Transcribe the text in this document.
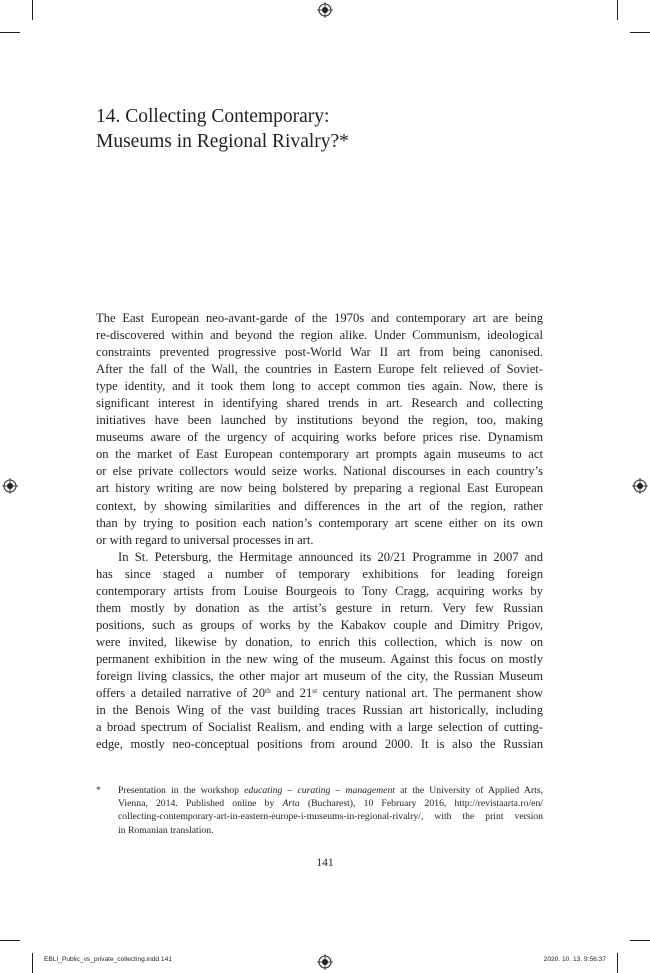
14. Collecting Contemporary:
Museums in Regional Rivalry?*
The East European neo-avant-garde of the 1970s and contemporary art are being
re-discovered within and beyond the region alike. Under Communism, ideological
constraints prevented progressive post-World War II art from being canonised.
After the fall of the Wall, the countries in Eastern Europe felt relieved of Soviet-
type identity, and it took them long to accept common ties again. Now, there is
significant interest in identifying shared trends in art. Research and collecting
initiatives have been launched by institutions beyond the region, too, making
museums aware of the urgency of acquiring works before prices rise. Dynamism
on the market of East European contemporary art prompts again museums to act
or else private collectors would seize works. National discourses in each country’s
art history writing are now being bolstered by preparing a regional East European
context, by showing similarities and differences in the art of the region, rather
than by trying to position each nation’s contemporary art scene either on its own
or with regard to universal processes in art.
In St. Petersburg, the Hermitage announced its 20/21 Programme in 2007 and
has since staged a number of temporary exhibitions for leading foreign
contemporary artists from Louise Bourgeois to Tony Cragg, acquiring works by
them mostly by donation as the artist’s gesture in return. Very few Russian
positions, such as groups of works by the Kabakov couple and Dimitry Prigov,
were invited, likewise by donation, to enrich this collection, which is now on
permanent exhibition in the new wing of the museum. Against this focus on mostly
foreign living classics, the other major art museum of the city, the Russian Museum
offers a detailed narrative of 20th and 21st century national art. The permanent show
in the Benois Wing of the vast building traces Russian art historically, including
a broad spectrum of Socialist Realism, and ending with a large selection of cutting-
edge, mostly neo-conceptual positions from around 2000. It is also the Russian
* Presentation in the workshop educating – curating – management at the University of Applied Arts,
Vienna, 2014. Published online by Arta (Bucharest), 10 February 2016, http://revistaarta.ro/en/
collecting-contemporary-art-in-eastern-europe-i-museums-in-regional-rivalry/, with the print version
in Romanian translation.
141
EBLI_Public_vs_private_collecting.indd 141	2020. 10. 13. 9:56:37
